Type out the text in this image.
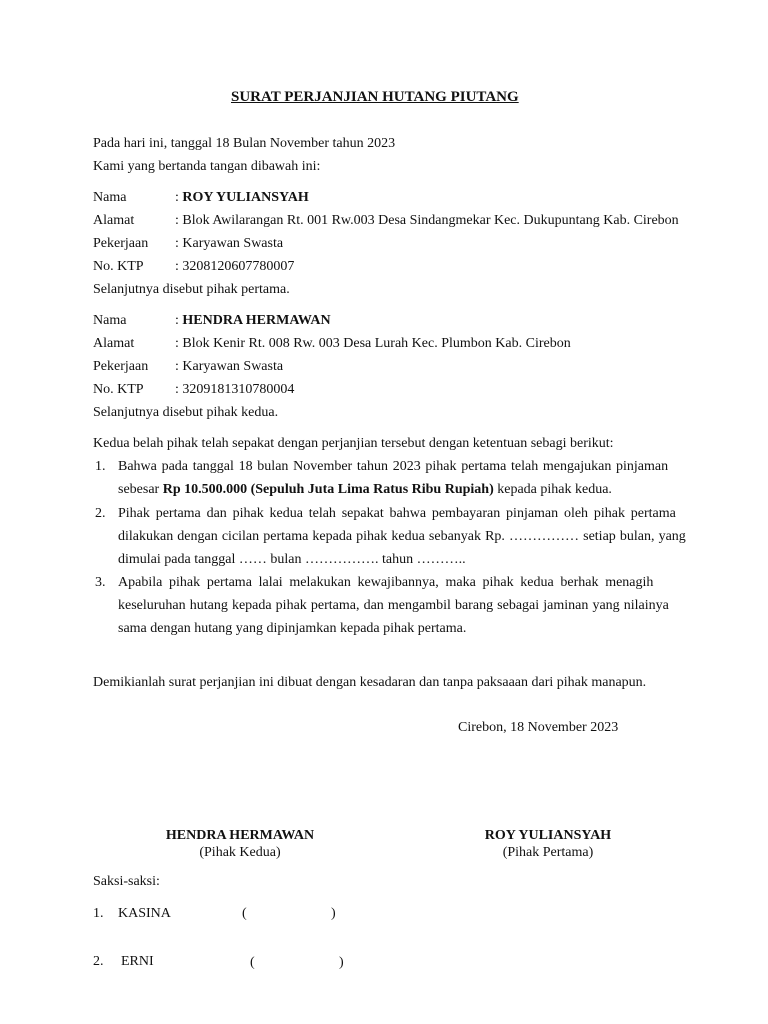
SURAT PERJANJIAN HUTANG PIUTANG
Pada hari ini, tanggal 18 Bulan November tahun 2023
Kami yang bertanda tangan dibawah ini:
Nama	: ROY YULIANSYAH
Alamat	: Blok Awilarangan Rt. 001 Rw.003 Desa Sindangmekar Kec. Dukupuntang Kab. Cirebon
Pekerjaan : Karyawan Swasta
No. KTP : 3208120607780007
Selanjutnya disebut pihak pertama.
Nama	: HENDRA HERMAWAN
Alamat	: Blok Kenir Rt. 008 Rw. 003 Desa Lurah Kec. Plumbon Kab. Cirebon
Pekerjaan : Karyawan Swasta
No. KTP : 3209181310780004
Selanjutnya disebut pihak kedua.
Kedua belah pihak telah sepakat dengan perjanjian tersebut dengan ketentuan sebagi berikut:
1. Bahwa pada tanggal 18 bulan November tahun 2023 pihak pertama telah mengajukan pinjaman
sebesar Rp 10.500.000 (Sepuluh Juta Lima Ratus Ribu Rupiah) kepada pihak kedua.
2. Pihak pertama dan pihak kedua telah sepakat bahwa pembayaran pinjaman oleh pihak pertama
dilakukan dengan cicilan pertama kepada pihak kedua sebanyak Rp. …………… setiap bulan, yang
dimulai pada tanggal …… bulan ……………. tahun ………..
3. Apabila pihak pertama lalai melakukan kewajibannya, maka pihak kedua berhak menagih
keseluruhan hutang kepada pihak pertama, dan mengambil barang sebagai jaminan yang nilainya
sama dengan hutang yang dipinjamkan kepada pihak pertama.
Demikianlah surat perjanjian ini dibuat dengan kesadaran dan tanpa paksaaan dari pihak manapun.
Cirebon, 18 November 2023
HENDRA HERMAWAN
(Pihak Kedua)
ROY YULIANSYAH
(Pihak Pertama)
Saksi-saksi:
1. KASINA	(	)
2. ERNI	(	)
